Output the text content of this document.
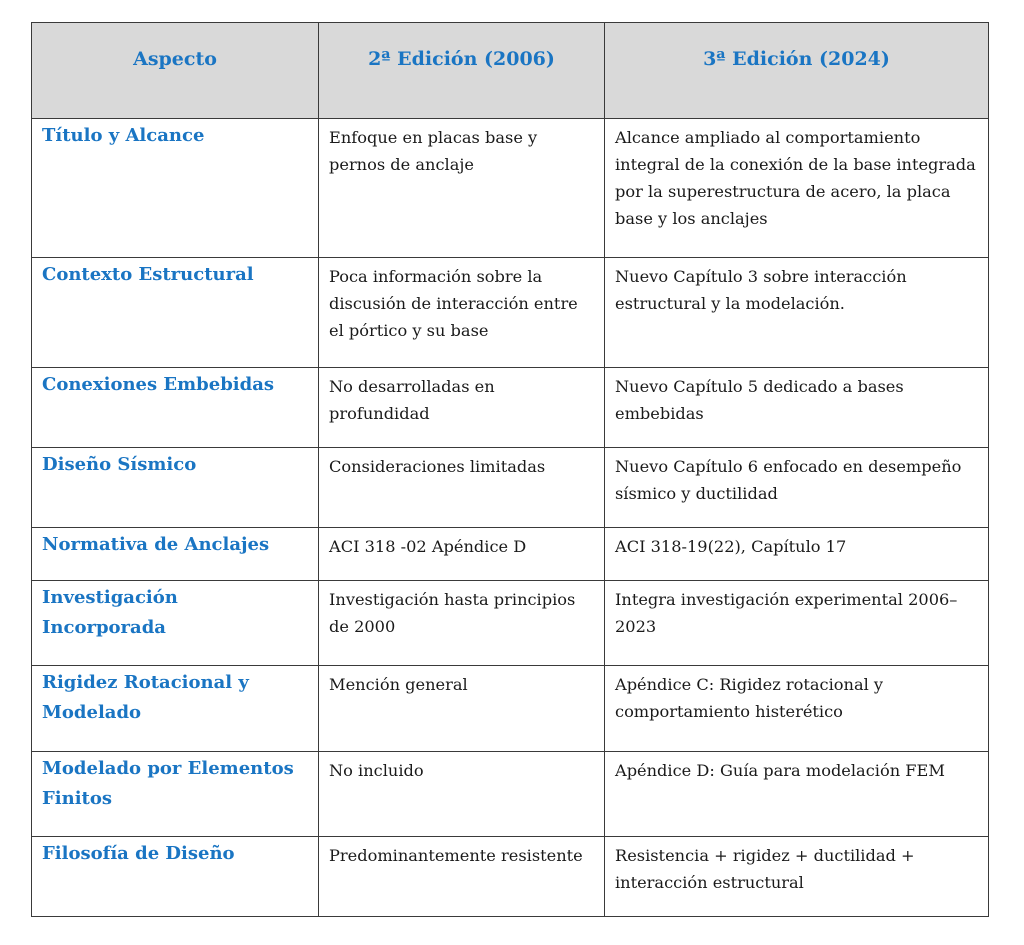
Aspecto	2ª Edición (2006)	3ª Edición (2024)
Título y Alcance	Enfoque en placas base y pernos de anclaje	Alcance ampliado al comportamiento integral de la conexión de la base integrada por la superestructura de acero, la placa base y los anclajes
Contexto Estructural	Poca información sobre la discusión de interacción entre el pórtico y su base	Nuevo Capítulo 3 sobre interacción estructural y la modelación.
Conexiones Embebidas	No desarrolladas en profundidad	Nuevo Capítulo 5 dedicado a bases embebidas
Diseño Sísmico	Consideraciones limitadas	Nuevo Capítulo 6 enfocado en desempeño sísmico y ductilidad
Normativa de Anclajes	ACI 318 -02 Apéndice D	ACI 318-19(22), Capítulo 17
Investigación Incorporada	Investigación hasta principios de 2000	Integra investigación experimental 2006–2023
Rigidez Rotacional y Modelado	Mención general	Apéndice C: Rigidez rotacional y comportamiento histerético
Modelado por Elementos Finitos	No incluido	Apéndice D: Guía para modelación FEM
Filosofía de Diseño	Predominantemente resistente	Resistencia + rigidez + ductilidad + interacción estructural
